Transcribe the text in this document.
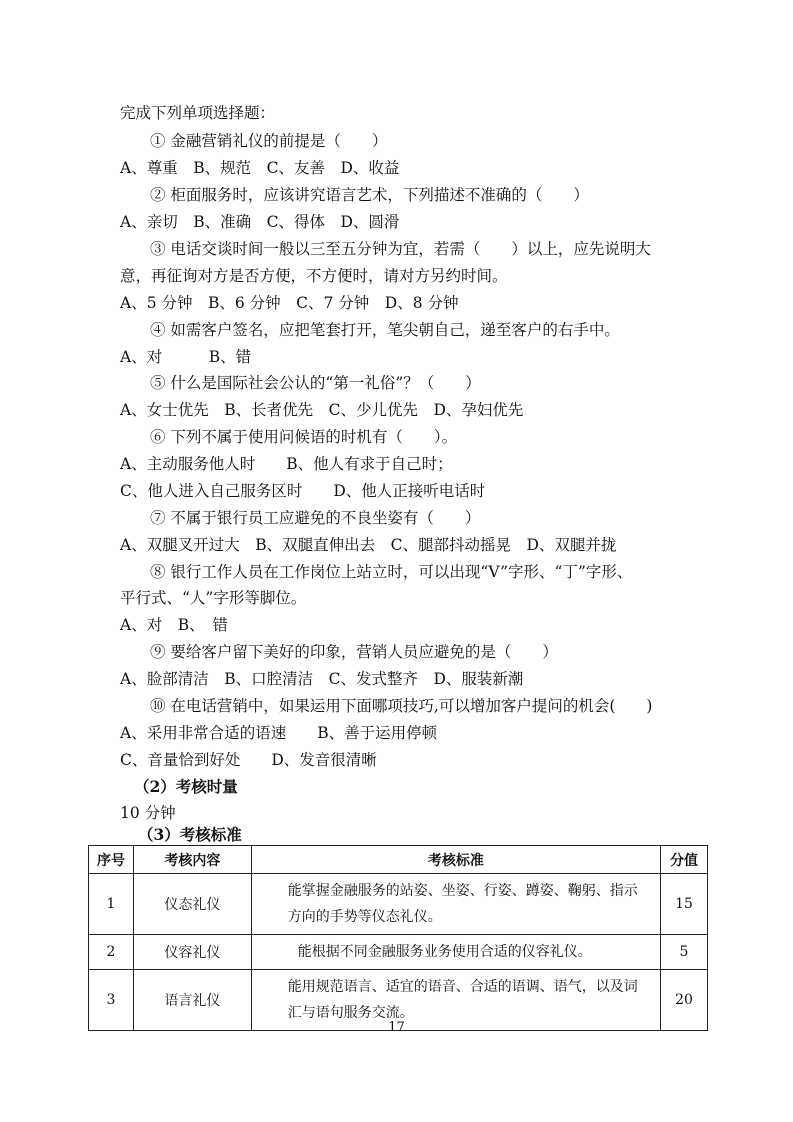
完成下列单项选择题：
① 金融营销礼仪的前提是（　　）
A、尊重　B、规范　C、友善　D、收益
② 柜面服务时，应该讲究语言艺术，下列描述不准确的（　　）
A、亲切　B、准确　C、得体　D、圆滑
③ 电话交谈时间一般以三至五分钟为宜，若需（　　）以上，应先说明大
意，再征询对方是否方便，不方便时，请对方另约时间。
A、5 分钟　B、6 分钟　C、7 分钟　D、8 分钟
④ 如需客户签名，应把笔套打开，笔尖朝自己，递至客户的右手中。
A、对　　　B、错
⑤ 什么是国际社会公认的“第一礼俗”？（　　）
A、女士优先　B、长者优先　C、少儿优先　D、孕妇优先
⑥ 下列不属于使用问候语的时机有（　　）。
A、主动服务他人时　　B、他人有求于自己时；
C、他人进入自己服务区时　　D、他人正接听电话时
⑦ 不属于银行员工应避免的不良坐姿有（　　）
A、双腿叉开过大　B、双腿直伸出去　C、腿部抖动摇晃　D、双腿并拢
⑧ 银行工作人员在工作岗位上站立时，可以出现“V”字形、“丁”字形、
平行式、“人”字形等脚位。
A、对　B、　错
⑨ 要给客户留下美好的印象，营销人员应避免的是（　　）
A、脸部清洁　B、口腔清洁　C、发式整齐　D、服装新潮
⑩ 在电话营销中，如果运用下面哪项技巧,可以增加客户提问的机会(　　)
A、采用非常合适的语速　　B、善于运用停顿
C、音量恰到好处　　D、发音很清晰
（2）考核时量
10 分钟
（3）考核标准
序号	考核内容	考核标准	分值
1	仪态礼仪	能掌握金融服务的站姿、坐姿、行姿、蹲姿、鞠躬、指示方向的手势等仪态礼仪。	15
2	仪容礼仪	能根据不同金融服务业务使用合适的仪容礼仪。	5
3	语言礼仪	能用规范语言、适宜的语音、合适的语调、语气，以及词汇与语句服务交流。	20
17
